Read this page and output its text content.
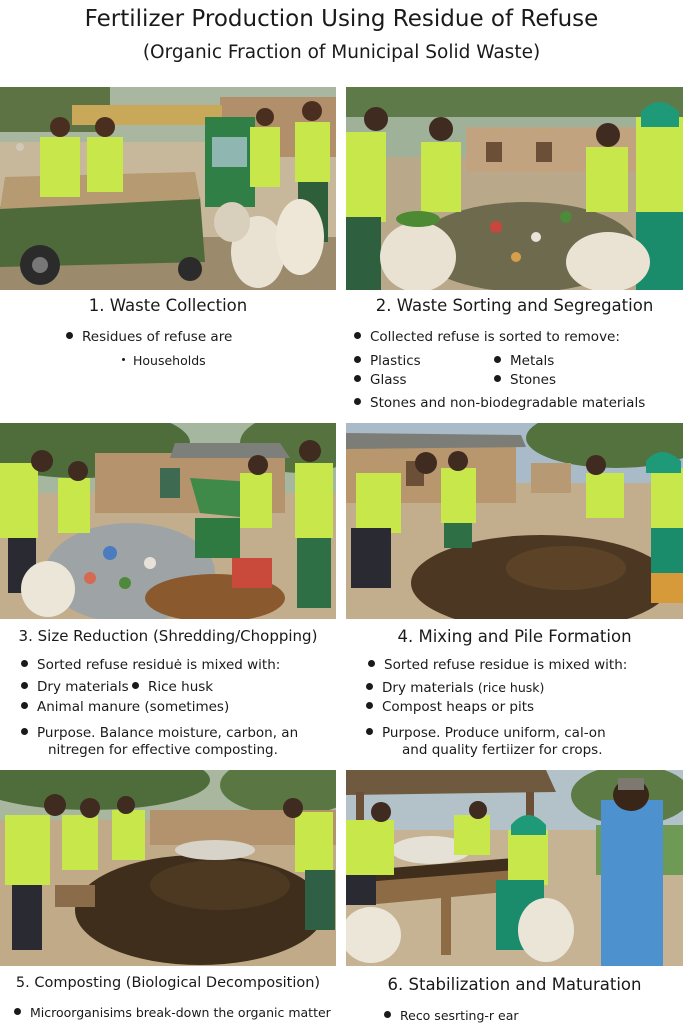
Fertilizer Production Using Residue of Refuse
(Organic Fraction of Municipal Solid Waste)
1. Waste Collection
Residues of refuse are
Households
2. Waste Sorting and Segregation
Collected refuse is sorted to remove:
Plastics	Metals
Glass	Stones
Stones and non-biodegradable materials
3. Size Reduction (Shredding/Chopping)
Sorted refuse residuė is mixed with:
Dry materials	Rice husk
Animal manure (sometimes)
Purpose. Balance moisture, carbon, an
nitregen for effective composting.
4. Mixing and Pile Formation
Sorted refuse residue is mixed with:
Dry materials (rice husk)
Compost heaps or pits
Purpose. Produce uniform, cal-on
and quality fertiizer for crops.
5. Composting (Biological Decomposition)
Microorganisims break-down the organic matter
6. Stabilization and Maturation
Reco sesrting-r ear
